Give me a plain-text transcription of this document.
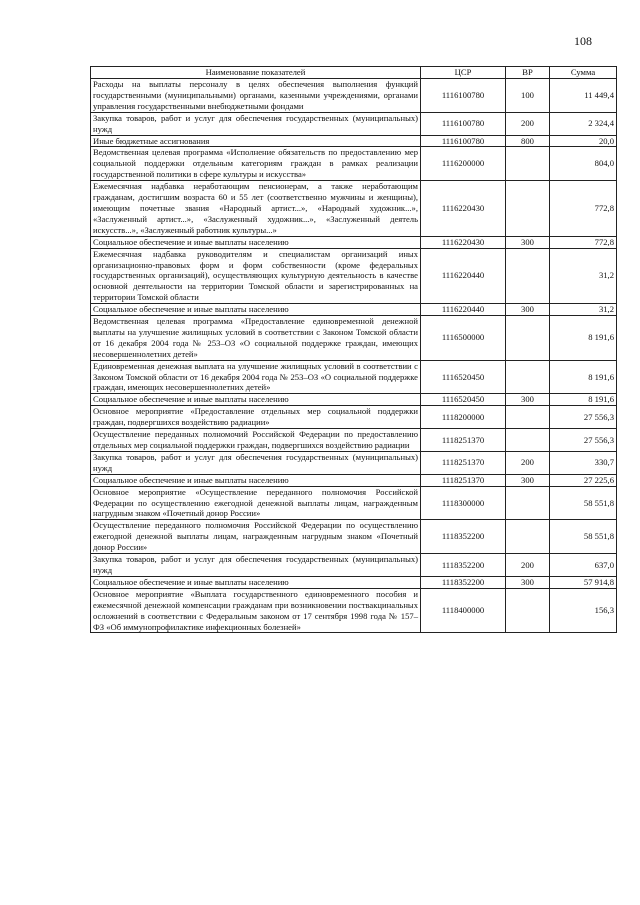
108
Наименование показателей	ЦСР	ВР	Сумма
Расходы на выплаты персоналу в целях обеспечения выполнения функций государственными (муниципальными) органами, казенными учреждениями, органами управления государственными внебюджетными фондами	1116100780	100	11 449,4
Закупка товаров, работ и услуг для обеспечения государственных (муниципальных) нужд	1116100780	200	2 324,4
Иные бюджетные ассигнования	1116100780	800	20,0
Ведомственная целевая программа «Исполнение обязательств по предоставлению мер социальной поддержки отдельным категориям граждан в рамках реализации государственной политики в сфере культуры и искусства»	1116200000		804,0
Ежемесячная надбавка неработающим пенсионерам, а также неработающим гражданам, достигшим возраста 60 и 55 лет (соответственно мужчины и женщины), имеющим почетные звания «Народный артист...», «Народный художник...», «Заслуженный артист...», «Заслуженный художник...», «Заслуженный деятель искусств...», «Заслуженный работник культуры...»	1116220430		772,8
Социальное обеспечение и иные выплаты населению	1116220430	300	772,8
Ежемесячная надбавка руководителям и специалистам организаций иных организационно-правовых форм и форм собственности (кроме федеральных государственных организаций), осуществляющих культурную деятельность в качестве основной деятельности на территории Томской области и зарегистрированных на территории Томской области	1116220440		31,2
Социальное обеспечение и иные выплаты населению	1116220440	300	31,2
Ведомственная целевая программа «Предоставление единовременной денежной выплаты на улучшение жилищных условий в соответствии с Законом Томской области от 16 декабря 2004 года № 253–ОЗ «О социальной поддержке граждан, имеющих несовершеннолетних детей»	1116500000		8 191,6
Единовременная денежная выплата на улучшение жилищных условий в соответствии с Законом Томской области от 16 декабря 2004 года № 253–ОЗ «О социальной поддержке граждан, имеющих несовершеннолетних детей»	1116520450		8 191,6
Социальное обеспечение и иные выплаты населению	1116520450	300	8 191,6
Основное мероприятие «Предоставление отдельных мер социальной поддержки граждан, подвергшихся воздействию радиации»	1118200000		27 556,3
Осуществление переданных полномочий Российской Федерации по предоставлению отдельных мер социальной поддержки граждан, подвергшихся воздействию радиации	1118251370		27 556,3
Закупка товаров, работ и услуг для обеспечения государственных (муниципальных) нужд	1118251370	200	330,7
Социальное обеспечение и иные выплаты населению	1118251370	300	27 225,6
Основное мероприятие «Осуществление переданного полномочия Российской Федерации по осуществлению ежегодной денежной выплаты лицам, награжденным нагрудным знаком «Почетный донор России»	1118300000		58 551,8
Осуществление переданного полномочия Российской Федерации по осуществлению ежегодной денежной выплаты лицам, награжденным нагрудным знаком «Почетный донор России»	1118352200		58 551,8
Закупка товаров, работ и услуг для обеспечения государственных (муниципальных) нужд	1118352200	200	637,0
Социальное обеспечение и иные выплаты населению	1118352200	300	57 914,8
Основное мероприятие «Выплата государственного единовременного пособия и ежемесячной денежной компенсации гражданам при возникновении поствакцинальных осложнений в соответствии с Федеральным законом от 17 сентября 1998 года № 157–ФЗ «Об иммунопрофилактике инфекционных болезней»	1118400000		156,3
